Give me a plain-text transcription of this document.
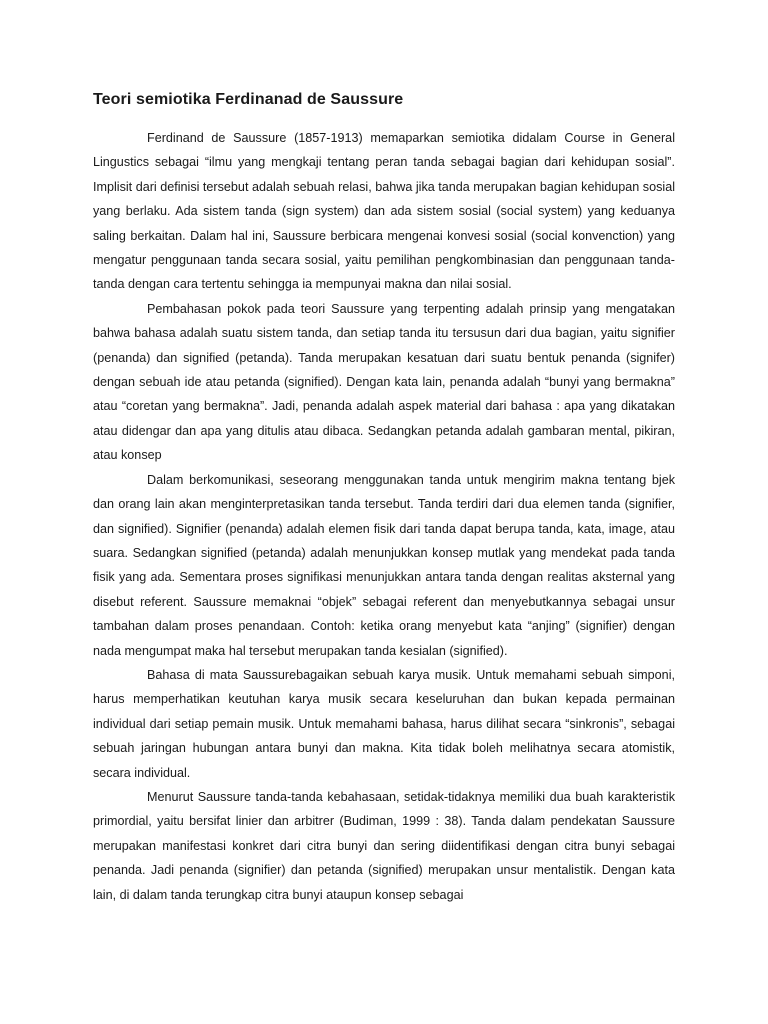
Teori semiotika Ferdinanad de Saussure

Ferdinand de Saussure (1857-1913) memaparkan semiotika didalam Course in General Lingustics sebagai “ilmu yang mengkaji tentang peran tanda sebagai bagian dari kehidupan sosial”. Implisit dari definisi tersebut adalah sebuah relasi, bahwa jika tanda merupakan bagian kehidupan sosial yang berlaku. Ada sistem tanda (sign system) dan ada sistem sosial (social system) yang keduanya saling berkaitan. Dalam hal ini, Saussure berbicara mengenai konvesi sosial (social konvenction) yang mengatur penggunaan tanda secara sosial, yaitu pemilihan pengkombinasian dan penggunaan tanda-tanda dengan cara tertentu sehingga ia mempunyai makna dan nilai sosial.

Pembahasan pokok pada teori Saussure yang terpenting adalah prinsip yang mengatakan bahwa bahasa adalah suatu sistem tanda, dan setiap tanda itu tersusun dari dua bagian, yaitu signifier (penanda) dan signified (petanda). Tanda merupakan kesatuan dari suatu bentuk penanda (signifer) dengan sebuah ide atau petanda (signified). Dengan kata lain, penanda adalah “bunyi yang bermakna” atau “coretan yang bermakna”. Jadi, penanda adalah aspek material dari bahasa : apa yang dikatakan atau didengar dan apa yang ditulis atau dibaca. Sedangkan petanda adalah gambaran mental, pikiran, atau konsep

Dalam berkomunikasi, seseorang menggunakan tanda untuk mengirim makna tentang bjek dan orang lain akan menginterpretasikan tanda tersebut. Tanda terdiri dari dua elemen tanda (signifier, dan signified). Signifier (penanda) adalah elemen fisik dari tanda dapat berupa tanda, kata, image, atau suara. Sedangkan signified (petanda) adalah menunjukkan konsep mutlak yang mendekat pada tanda fisik yang ada. Sementara proses signifikasi menunjukkan antara tanda dengan realitas aksternal yang disebut referent. Saussure memaknai “objek” sebagai referent dan menyebutkannya sebagai unsur tambahan dalam proses penandaan. Contoh: ketika orang menyebut kata “anjing” (signifier) dengan nada mengumpat maka hal tersebut merupakan tanda kesialan (signified).

Bahasa di mata Saussurebagaikan sebuah karya musik. Untuk memahami sebuah simponi, harus memperhatikan keutuhan karya musik secara keseluruhan dan bukan kepada permainan individual dari setiap pemain musik. Untuk memahami bahasa, harus dilihat secara “sinkronis”, sebagai sebuah jaringan hubungan antara bunyi dan makna. Kita tidak boleh melihatnya secara atomistik, secara individual.

Menurut Saussure tanda-tanda kebahasaan, setidak-tidaknya memiliki dua buah karakteristik primordial, yaitu bersifat linier dan arbitrer (Budiman, 1999 : 38). Tanda dalam pendekatan Saussure merupakan manifestasi konkret dari citra bunyi dan sering diidentifikasi dengan citra bunyi sebagai penanda. Jadi penanda (signifier) dan petanda (signified) merupakan unsur mentalistik. Dengan kata lain, di dalam tanda terungkap citra bunyi ataupun konsep sebagai
